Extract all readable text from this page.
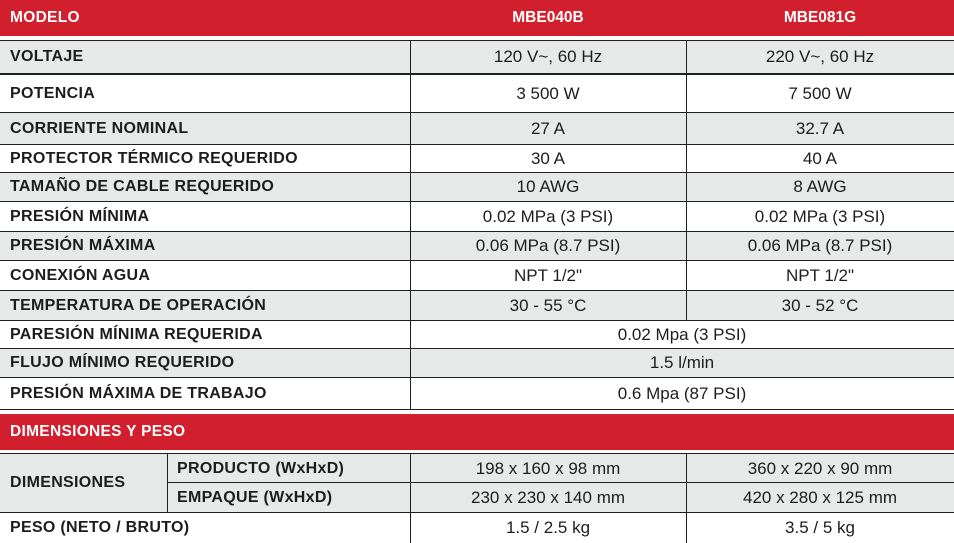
MODELO	MBE040B	MBE081G
VOLTAJE	120 V~, 60 Hz	220 V~, 60 Hz
POTENCIA	3 500 W	7 500 W
CORRIENTE NOMINAL	27 A	32.7 A
PROTECTOR TÉRMICO REQUERIDO	30 A	40 A
TAMAÑO DE CABLE REQUERIDO	10 AWG	8 AWG
PRESIÓN MÍNIMA	0.02 MPa (3 PSI)	0.02 MPa (3 PSI)
PRESIÓN MÁXIMA	0.06 MPa (8.7 PSI)	0.06 MPa (8.7 PSI)
CONEXIÓN AGUA	NPT 1/2"	NPT 1/2"
TEMPERATURA DE OPERACIÓN	30 - 55 °C	30 - 52 °C
PARESIÓN MÍNIMA REQUERIDA	0.02 Mpa (3 PSI)
FLUJO MÍNIMO REQUERIDO	1.5 l/min
PRESIÓN MÁXIMA DE TRABAJO	0.6 Mpa (87 PSI)
DIMENSIONES Y PESO
DIMENSIONES
PRODUCTO (WxHxD)	198 x 160 x 98 mm	360 x 220 x 90 mm
EMPAQUE (WxHxD)	230 x 230 x 140 mm	420 x 280 x 125 mm
PESO (NETO / BRUTO)	1.5 / 2.5 kg	3.5 / 5 kg
